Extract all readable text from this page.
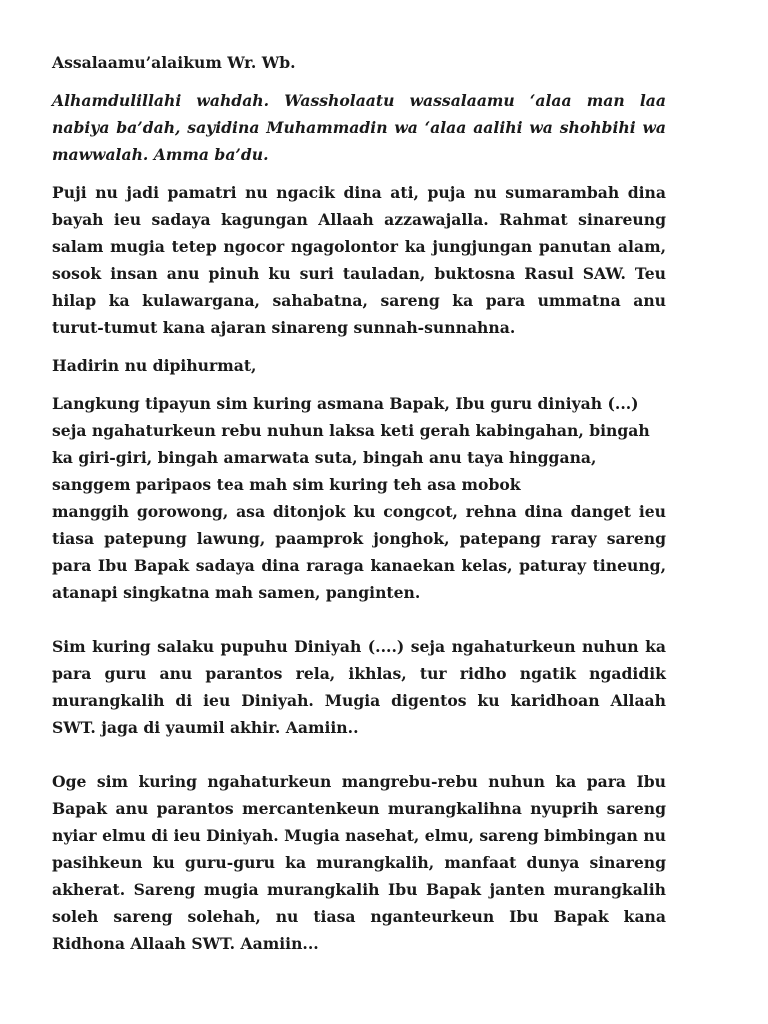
Assalaamu’alaikum Wr. Wb.

Alhamdulillahi wahdah. Wassholaatu wassalaamu ‘alaa man laa nabiya ba’dah, sayidina Muhammadin wa ‘alaa aalihi wa shohbihi wa mawwalah. Amma ba’du.

Puji nu jadi pamatri nu ngacik dina ati, puja nu sumarambah dina bayah ieu sadaya kagungan Allaah azzawajalla. Rahmat sinareung salam mugia tetep ngocor ngagolontor ka jungjungan panutan alam, sosok insan anu pinuh ku suri tauladan, buktosna Rasul SAW. Teu hilap ka kulawargana, sahabatna, sareng ka para ummatna anu turut-tumut kana ajaran sinareng sunnah-sunnahna.

Hadirin nu dipihurmat,

Langkung tipayun sim kuring asmana Bapak, Ibu guru diniyah (...) seja ngahaturkeun rebu nuhun laksa keti gerah kabingahan, bingah ka giri-giri, bingah amarwata suta, bingah anu taya hinggana, sanggem paripaos tea mah sim kuring teh asa mobok
manggih gorowong, asa ditonjok ku congcot, rehna dina danget ieu tiasa patepung lawung, paamprok jonghok, patepang raray sareng para Ibu Bapak sadaya dina raraga kanaekan kelas, paturay tineung, atanapi singkatna mah samen, panginten.

Sim kuring salaku pupuhu Diniyah (....) seja ngahaturkeun nuhun ka para guru anu parantos rela, ikhlas, tur ridho ngatik ngadidik murangkalih di ieu Diniyah. Mugia digentos ku karidhoan Allaah SWT. jaga di yaumil akhir. Aamiin..

Oge sim kuring ngahaturkeun mangrebu-rebu nuhun ka para Ibu Bapak anu parantos mercantenkeun murangkalihna nyuprih sareng nyiar elmu di ieu Diniyah. Mugia nasehat, elmu, sareng bimbingan nu pasihkeun ku guru-guru ka murangkalih, manfaat dunya sinareng akherat. Sareng mugia murangkalih Ibu Bapak janten murangkalih soleh sareng solehah, nu tiasa nganteurkeun Ibu Bapak kana Ridhona Allaah SWT. Aamiin...
